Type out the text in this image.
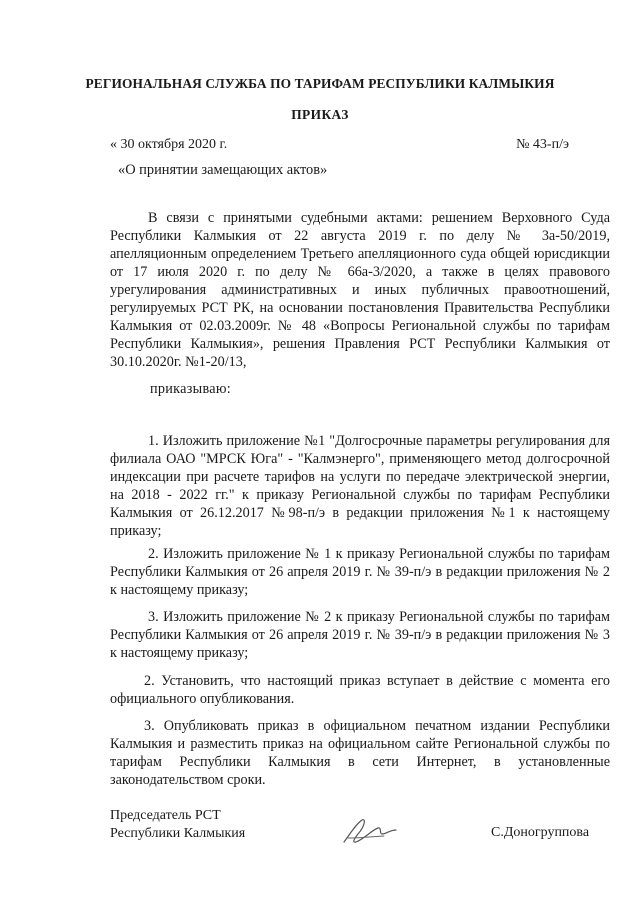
РЕГИОНАЛЬНАЯ СЛУЖБА ПО ТАРИФАМ РЕСПУБЛИКИ КАЛМЫКИЯ
ПРИКАЗ
« 30 октября 2020 г.	№ 43-п/э
«О принятии замещающих актов»
В связи с принятыми судебными актами: решением Верховного Суда Республики Калмыкия от 22 августа 2019 г. по делу № 3а-50/2019, апелляционным определением Третьего апелляционного суда общей юрисдикции от 17 июля 2020 г. по делу № 66а-3/2020, а также в целях правового урегулирования административных и иных публичных правоотношений, регулируемых РСТ РК, на основании постановления Правительства Республики Калмыкия от 02.03.2009г. № 48 «Вопросы Региональной службы по тарифам Республики Калмыкия», решения Правления РСТ Республики Калмыкия от 30.10.2020г. №1-20/13,
приказываю:
1. Изложить приложение №1 "Долгосрочные параметры регулирования для филиала ОАО "МРСК Юга" - "Калмэнерго", применяющего метод долгосрочной индексации при расчете тарифов на услуги по передаче электрической энергии, на 2018 - 2022 гг." к приказу Региональной службы по тарифам Республики Калмыкия от 26.12.2017 №98-п/э в редакции приложения №1 к настоящему приказу;
2. Изложить приложение № 1 к приказу Региональной службы по тарифам Республики Калмыкия от 26 апреля 2019 г. № 39-п/э в редакции приложения № 2 к настоящему приказу;
3. Изложить приложение № 2 к приказу Региональной службы по тарифам Республики Калмыкия от 26 апреля 2019 г. № 39-п/э в редакции приложения № 3 к настоящему приказу;
2. Установить, что настоящий приказ вступает в действие с момента его официального опубликования.
3. Опубликовать приказ в официальном печатном издании Республики Калмыкия и разместить приказ на официальном сайте Региональной службы по тарифам Республики Калмыкия в сети Интернет, в установленные законодательством сроки.
Председатель РСТ
Республики Калмыкия	С.Доногруппова
